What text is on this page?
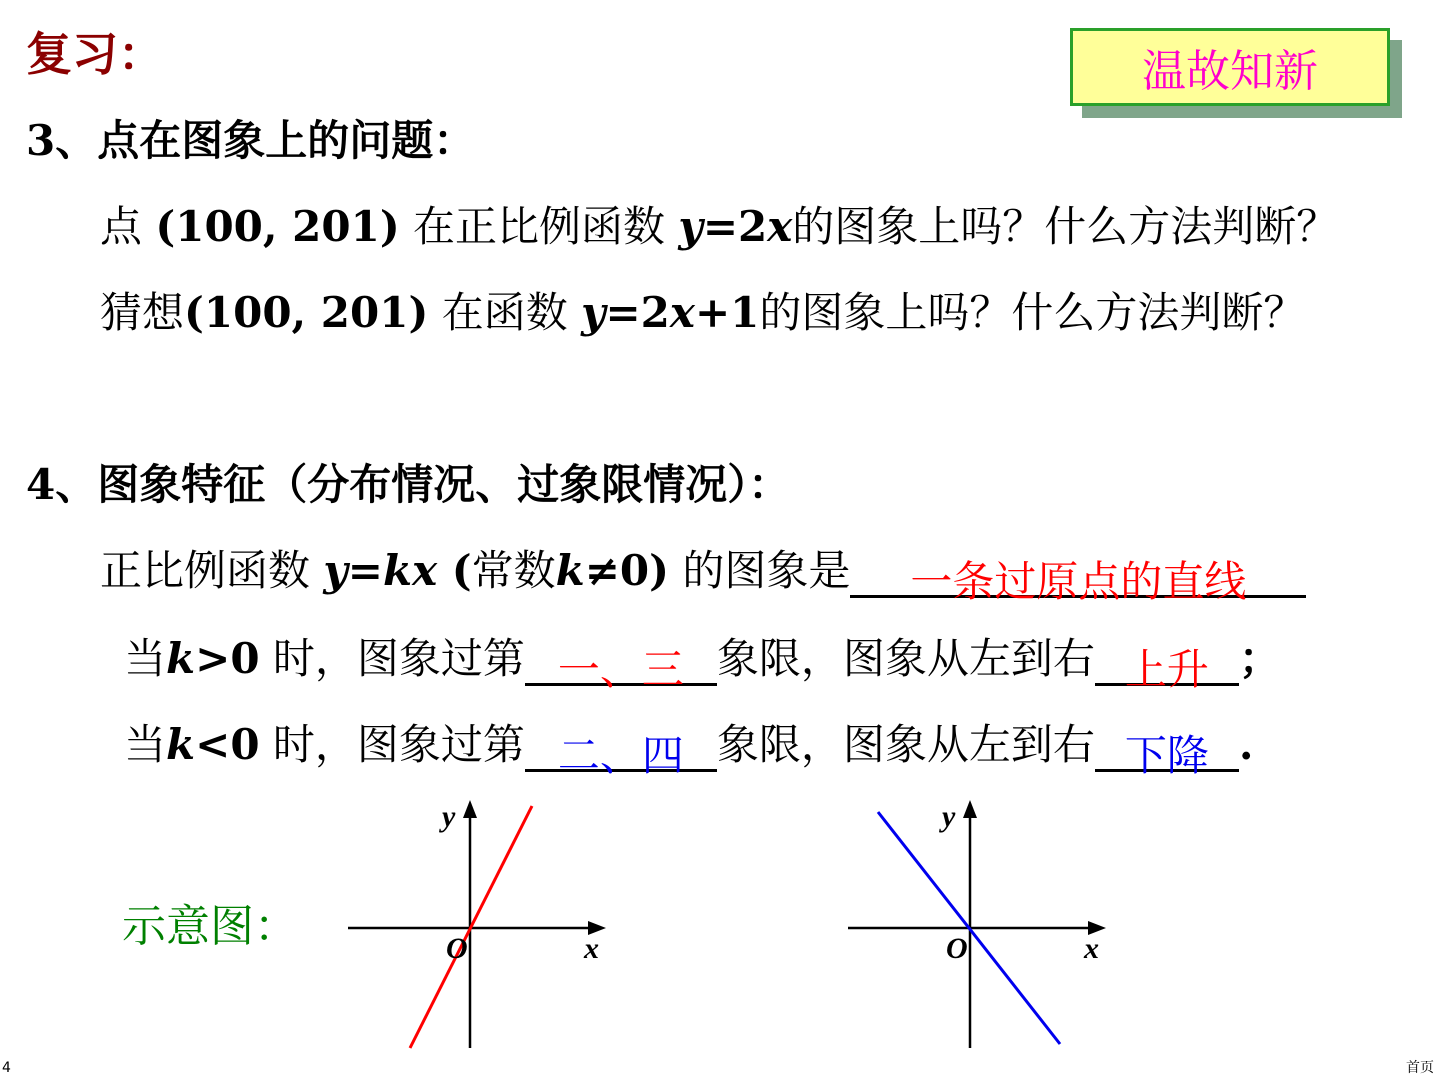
复习：	温故知新
3、点在图象上的问题：
点 (100, 201) 在正比例函数 y=2x的图象上吗？什么方法判断？
猜想(100, 201) 在函数 y=2x+1的图象上吗？什么方法判断？
4、图象特征（分布情况、过象限情况）：
正比例函数 y=kx (常数k≠0) 的图象是 一条过原点的直线
当k>0 时，图象过第 一、三 象限，图象从左到右 上升 ；
当k<0 时，图象过第 二、四 象限，图象从左到右 下降 .
示意图：
y
x
O
y
x
O
4	首页
